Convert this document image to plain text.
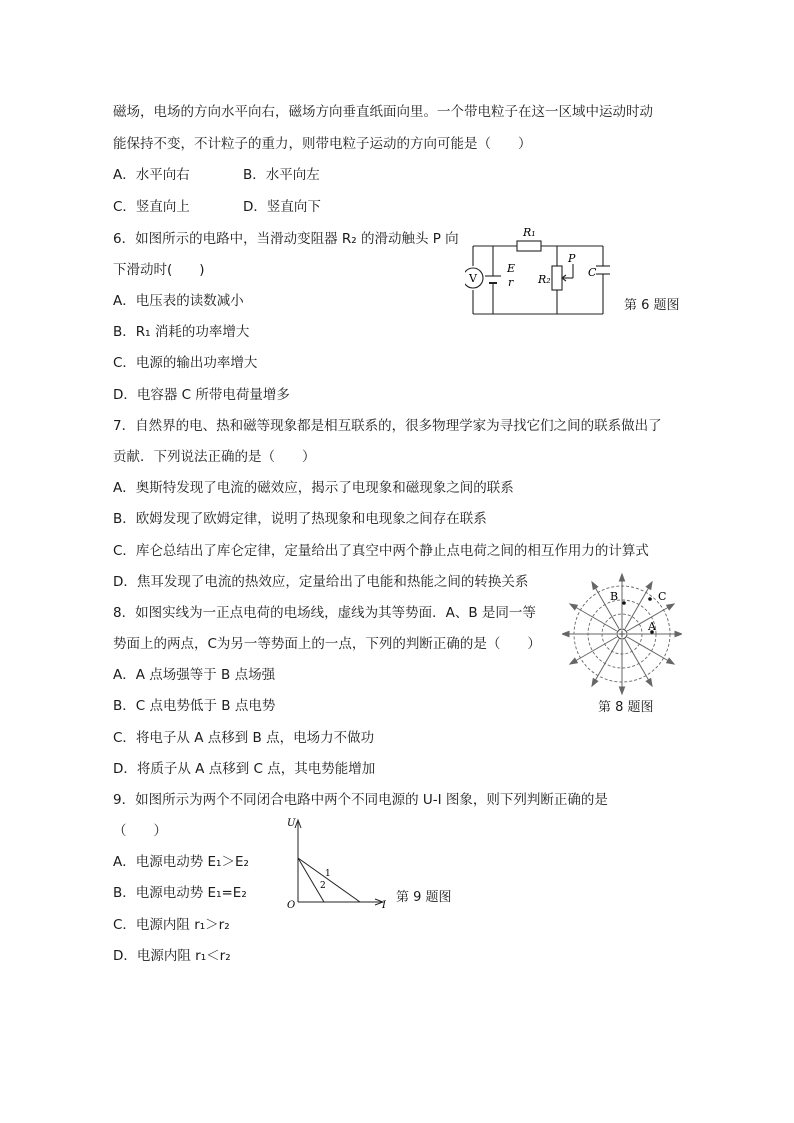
磁场，电场的方向水平向右，磁场方向垂直纸面向里。一个带电粒子在这一区域中运动时动
能保持不变，不计粒子的重力，则带电粒子运动的方向可能是（　　）
A．水平向右	B．水平向左
C．竖直向上	D．竖直向下
6．如图所示的电路中，当滑动变阻器 R₂ 的滑动触头 P 向
下滑动时(　　)
A．电压表的读数减小
B．R₁ 消耗的功率增大
C．电源的输出功率增大
D．电容器 C 所带电荷量增多
V
R₁
R₂
P
C
E
r
第 6 题图
7．自然界的电、热和磁等现象都是相互联系的，很多物理学家为寻找它们之间的联系做出了
贡献．下列说法正确的是（　　）
A．奥斯特发现了电流的磁效应，揭示了电现象和磁现象之间的联系
B．欧姆发现了欧姆定律，说明了热现象和电现象之间存在联系
C．库仑总结出了库仑定律，定量给出了真空中两个静止点电荷之间的相互作用力的计算式
D．焦耳发现了电流的热效应，定量给出了电能和热能之间的转换关系
8．如图实线为一正点电荷的电场线，虚线为其等势面．A、B 是同一等
势面上的两点，C为另一等势面上的一点，下列的判断正确的是（　　）
A．A 点场强等于 B 点场强
B．C 点电势低于 B 点电势
C．将电子从 A 点移到 B 点，电场力不做功
D．将质子从 A 点移到 C 点，其电势能增加
B	C
A
第 8 题图
9．如图所示为两个不同闭合电路中两个不同电源的 U-I 图象，则下列判断正确的是
（　　）
A．电源电动势 E₁＞E₂
B．电源电动势 E₁=E₂
C．电源内阻 r₁＞r₂
D．电源内阻 r₁＜r₂
U
I
O
1
2
第 9 题图
